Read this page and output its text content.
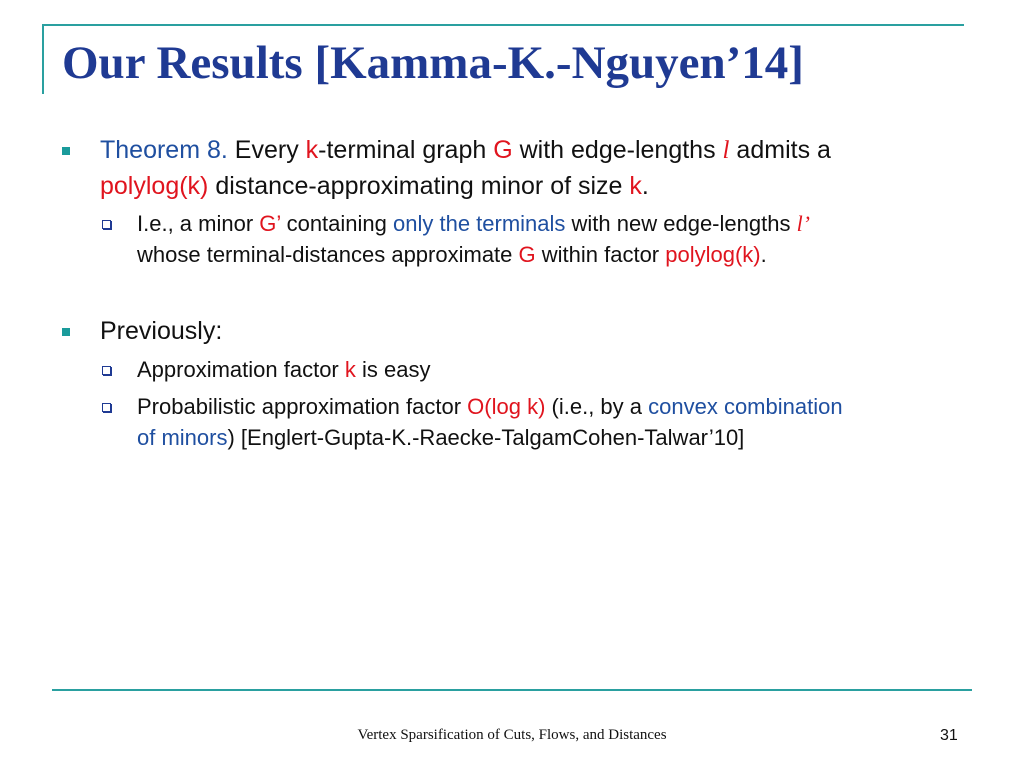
Our Results [Kamma-K.-Nguyen’14]
Theorem 8. Every k-terminal graph G with edge-lengths l admits a
polylog(k) distance-approximating minor of size k.
I.e., a minor G’ containing only the terminals with new edge-lengths l’
whose terminal-distances approximate G within factor polylog(k).
Previously:
Approximation factor k is easy
Probabilistic approximation factor O(log k) (i.e., by a convex combination
of minors) [Englert-Gupta-K.-Raecke-TalgamCohen-Talwar’10]
Vertex Sparsification of Cuts, Flows, and Distances	31
